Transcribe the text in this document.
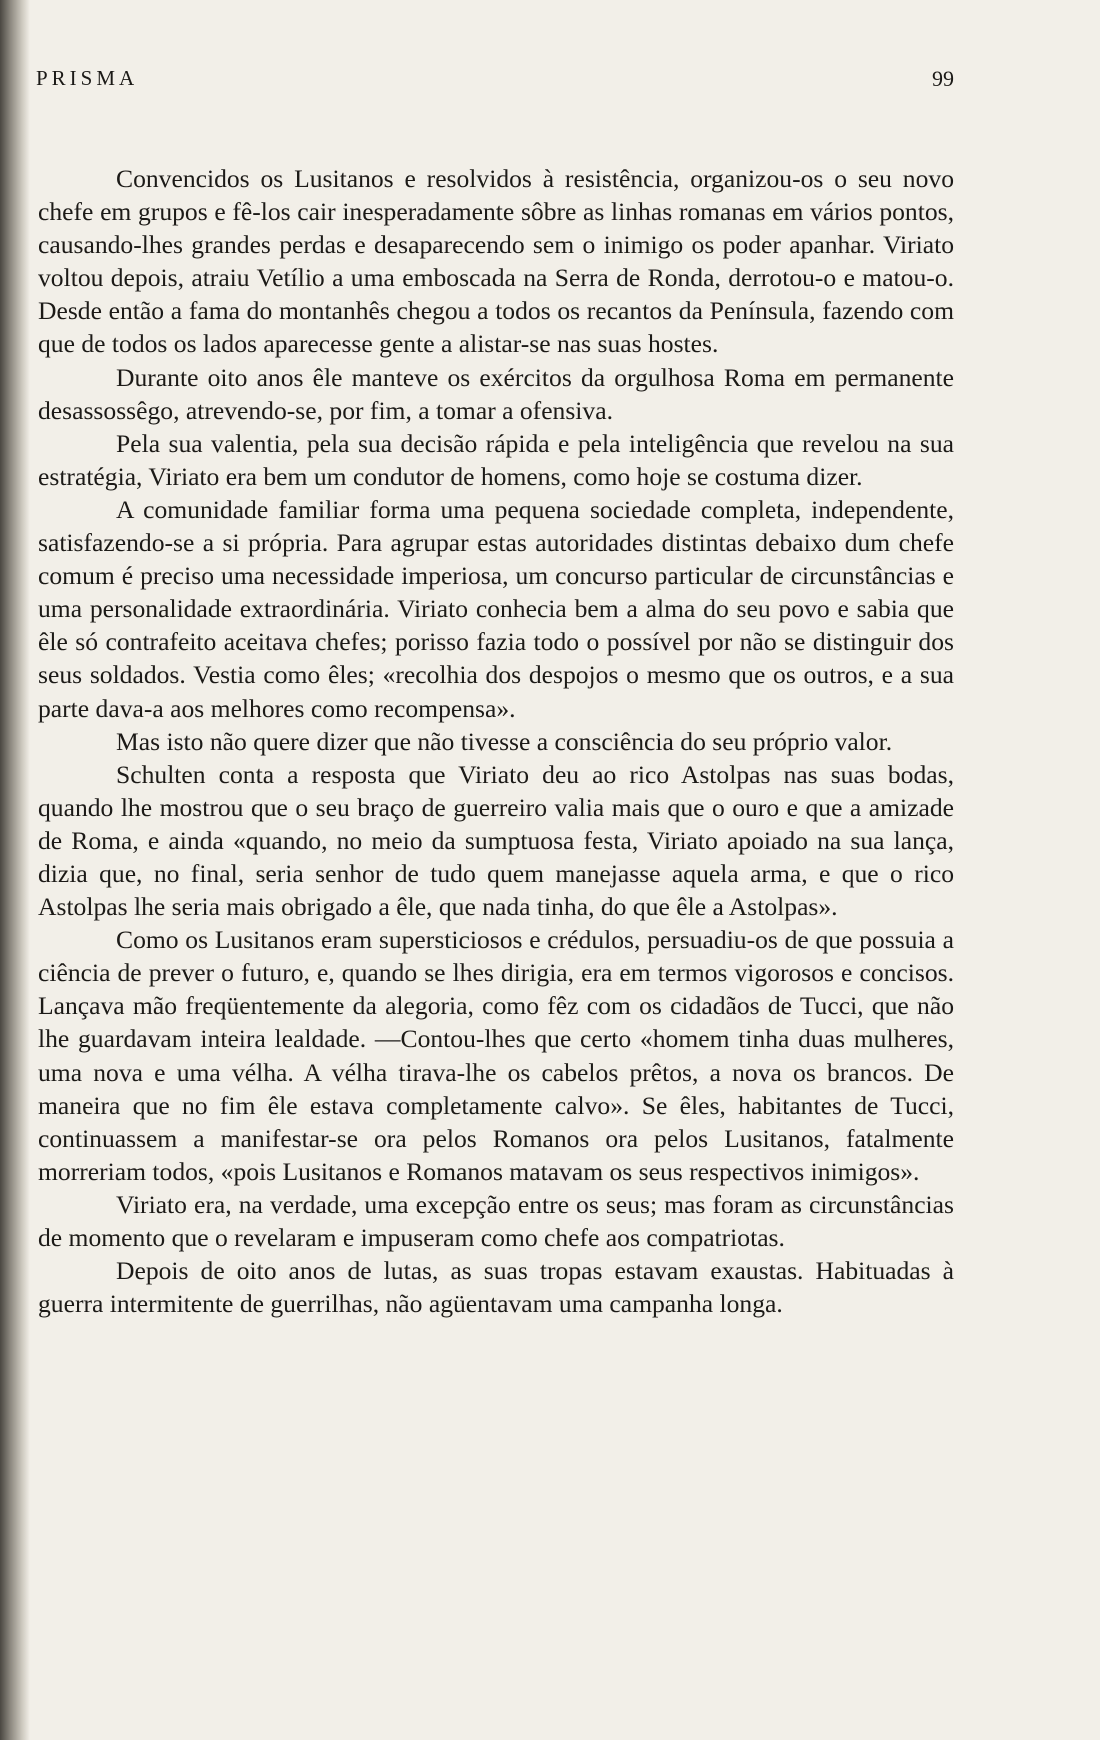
PRISMA	99

Convencidos os Lusitanos e resolvidos à resistência, organizou-os o seu novo chefe em grupos e fê-los cair inesperadamente sôbre as linhas romanas em vários pontos, causando-lhes grandes perdas e desaparecendo sem o inimigo os poder apanhar. Viriato voltou depois, atraiu Vetílio a uma emboscada na Serra de Ronda, derrotou-o e matou-o. Desde então a fama do montanhês chegou a todos os recantos da Península, fazendo com que de todos os lados aparecesse gente a alistar-se nas suas hostes.

Durante oito anos êle manteve os exércitos da orgulhosa Roma em permanente desassossêgo, atrevendo-se, por fim, a tomar a ofensiva.

Pela sua valentia, pela sua decisão rápida e pela inteligência que revelou na sua estratégia, Viriato era bem um condutor de homens, como hoje se costuma dizer.

A comunidade familiar forma uma pequena sociedade completa, independente, satisfazendo-se a si própria. Para agrupar estas autoridades distintas debaixo dum chefe comum é preciso uma necessidade imperiosa, um concurso particular de circunstâncias e uma personalidade extraordinária. Viriato conhecia bem a alma do seu povo e sabia que êle só contrafeito aceitava chefes; porisso fazia todo o possível por não se distinguir dos seus soldados. Vestia como êles; «recolhia dos despojos o mesmo que os outros, e a sua parte dava-a aos melhores como recompensa».

Mas isto não quere dizer que não tivesse a consciência do seu próprio valor.

Schulten conta a resposta que Viriato deu ao rico Astolpas nas suas bodas, quando lhe mostrou que o seu braço de guerreiro valia mais que o ouro e que a amizade de Roma, e ainda «quando, no meio da sumptuosa festa, Viriato apoiado na sua lança, dizia que, no final, seria senhor de tudo quem manejasse aquela arma, e que o rico Astolpas lhe seria mais obrigado a êle, que nada tinha, do que êle a Astolpas».

Como os Lusitanos eram supersticiosos e crédulos, persuadiu-os de que possuia a ciência de prever o futuro, e, quando se lhes dirigia, era em termos vigorosos e concisos. Lançava mão freqüentemente da alegoria, como fêz com os cidadãos de Tucci, que não lhe guardavam inteira lealdade. —Contou-lhes que certo «homem tinha duas mulheres, uma nova e uma vélha. A vélha tirava-lhe os cabelos prêtos, a nova os brancos. De maneira que no fim êle estava completamente calvo». Se êles, habitantes de Tucci, continuassem a manifestar-se ora pelos Romanos ora pelos Lusitanos, fatalmente morreriam todos, «pois Lusitanos e Romanos matavam os seus respectivos inimigos».

Viriato era, na verdade, uma excepção entre os seus; mas foram as circunstâncias de momento que o revelaram e impuseram como chefe aos compatriotas.

Depois de oito anos de lutas, as suas tropas estavam exaustas. Habituadas à guerra intermitente de guerrilhas, não agüentavam uma campanha longa.
